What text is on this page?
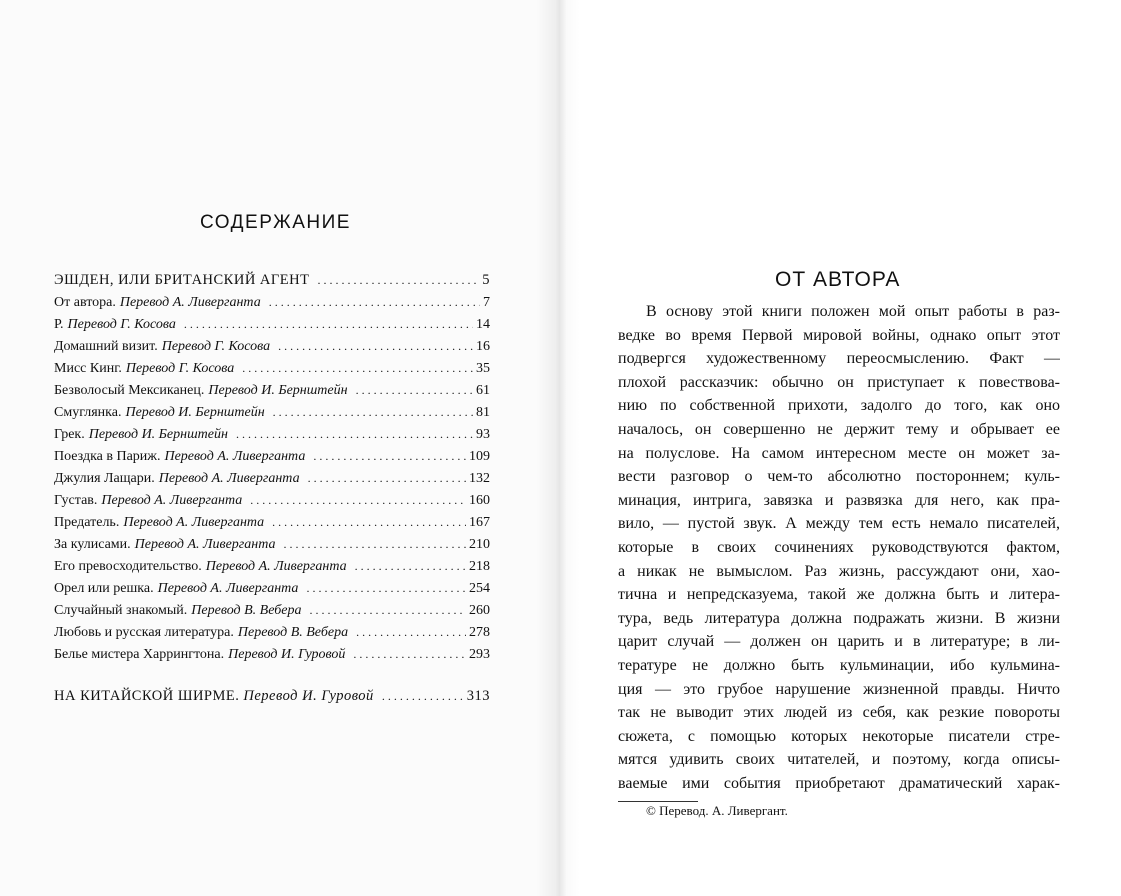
СОДЕРЖАНИЕ
ЭШДЕН, ИЛИ БРИТАНСКИЙ АГЕНТ . . .	5
От автора. Перевод А. Ливерганта . . .	7
Р. Перевод Г. Косова . . .	14
Домашний визит. Перевод Г. Косова . . .	16
Мисс Кинг. Перевод Г. Косова . . .	35
Безволосый Мексиканец. Перевод И. Бернштейн . . .	61
Смуглянка. Перевод И. Бернштейн . . .	81
Грек. Перевод И. Бернштейн . . .	93
Поездка в Париж. Перевод А. Ливерганта . . .	109
Джулия Лащари. Перевод А. Ливерганта . . .	132
Густав. Перевод А. Ливерганта . . .	160
Предатель. Перевод А. Ливерганта . . .	167
За кулисами. Перевод А. Ливерганта . . .	210
Его превосходительство. Перевод А. Ливерганта . . .	218
Орел или решка. Перевод А. Ливерганта . . .	254
Случайный знакомый. Перевод В. Вебера . . .	260
Любовь и русская литература. Перевод В. Вебера . . .	278
Белье мистера Харрингтона. Перевод И. Гуровой . . .	293
НА КИТАЙСКОЙ ШИРМЕ. Перевод И. Гуровой . . .	313
ОТ АВТОРА
В основу этой книги положен мой опыт работы в раз-
ведке во время Первой мировой войны, однако опыт этот
подвергся художественному переосмыслению. Факт —
плохой рассказчик: обычно он приступает к повествова-
нию по собственной прихоти, задолго до того, как оно
началось, он совершенно не держит тему и обрывает ее
на полуслове. На самом интересном месте он может за-
вести разговор о чем-то абсолютно постороннем; куль-
минация, интрига, завязка и развязка для него, как пра-
вило, — пустой звук. А между тем есть немало писателей,
которые в своих сочинениях руководствуются фактом,
а никак не вымыслом. Раз жизнь, рассуждают они, хао-
тична и непредсказуема, такой же должна быть и литера-
тура, ведь литература должна подражать жизни. В жизни
царит случай — должен он царить и в литературе; в ли-
тературе не должно быть кульминации, ибо кульмина-
ция — это грубое нарушение жизненной правды. Ничто
так не выводит этих людей из себя, как резкие повороты
сюжета, с помощью которых некоторые писатели стре-
мятся удивить своих читателей, и поэтому, когда описы-
ваемые ими события приобретают драматический харак-
© Перевод. А. Ливергант.
